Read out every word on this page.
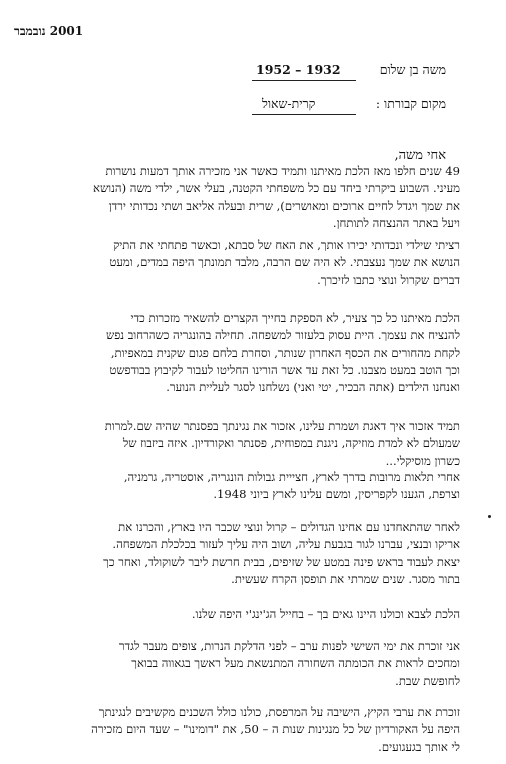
2001 נובמבר
משה בן שלום
1952 – 1932
מקום קבורתו :
קרית-שאול
אחי משה,
49 שנים חלפו מאז הלכת מאיתנו ותמיד כאשר אני מזכירה אותך דמעות נושרות
מעיני. השבוע ביקרתי ביחד עם כל משפחתי הקטנה, בעלי אשר, ילדי משה (הנושא
את שמך ויגדל לחיים ארוכים ומאושרים), שרית ובעלה אליאב ושתי נכדותי ירדן
ויעל באתר ההנצחה לתותחן.
רציתי שילדי ונכדותי יכירו אותך, את האח של סבתא, וכאשר פתחתי את התיק
הנושא את שמך נעצבתי. לא היה שם הרבה, מלבד תמונתך היפה במדים, ומעט
דברים שקרול ונוצי כתבו לזיכרך.
הלכת מאיתנו כל כך צעיר, לא הספקת בחייך הקצרים להשאיר מזכרות כדי
להנציח את עצמך. היית עסוק בלעזור למשפחה. תחילה בהונגריה כשהרחוב נפש
לקחת מהחורים את הכסף האחרון שנותר, וסחרת בלחם פגום שקנית במאפיות,
וכך הוטב במעט מצבנו. כל זאת עד אשר הורינו החליטו לעבור לקיבוץ בבודפשט
ואנחנו הילדים (אתה הבכיר, יטי ואני) נשלחנו לסגר לעליית הנוער.
תמיד אזכור איך דאגת ושמרת עלינו, אזכור את נגינתך בפסנתר שהיה שם.למרות
שמעולם לא למדת מוזיקה, ניגנת במפוחית, פסנתר ואקורדיון. איזה ביזבוז של
כשרון מוסיקלי...
אחרי תלאות מרובות בדרך לארץ, חצייית גבולות הונגריה, אוסטריה, גרמניה,
וצרפת, הגענו לקפריסין, ומשם עלינו לארץ ביוני 1948.
לאחר שהתאחדנו עם אחינו הגדולים – קרול ונוצי שכבר היו בארץ, והכרנו את
אריקו ובנצי, עברנו לגור בגבעת עליה, ושוב היה עליך לעזור בכלכלת המשפחה.
יצאת לעבוד בראש פינה במטע של שזיפים, בבית חרשת ליבר לשוקולד, ואחר כך
בתור מסגר. שנים שמרתי את תופסן הקרח שעשית.
הלכת לצבא וכולנו היינו גאים בך – בחייל הג'ינג'י היפה שלנו.
אני זוכרת את ימי השישי לפנות ערב – לפני הדלקת הנרות, צופים מעבר לגדר
ומחכים לראות את הכומתה השחורה המתנשאת מעל ראשך בגאווה בבואך
לחופשת שבת.
זוכרת את ערבי הקיץ, הישיבה על המרפסת, כולנו כולל השכנים מקשיבים לנגינתך
היפה על האקורדיון של כל מנגינות שנות ה – 50, את "דומינו" – שעד היום מזכירה
לי אותך בגעגועים.
